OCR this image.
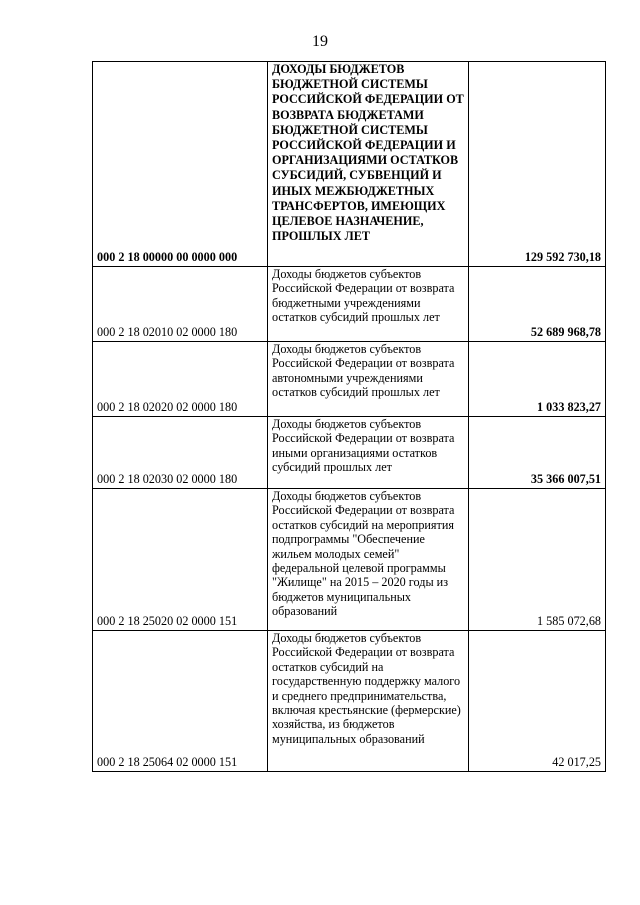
19
000 2 18 00000 00 0000 000	ДОХОДЫ БЮДЖЕТОВ БЮДЖЕТНОЙ СИСТЕМЫ РОССИЙСКОЙ ФЕДЕРАЦИИ ОТ ВОЗВРАТА БЮДЖЕТАМИ БЮДЖЕТНОЙ СИСТЕМЫ РОССИЙСКОЙ ФЕДЕРАЦИИ И ОРГАНИЗАЦИЯМИ ОСТАТКОВ СУБСИДИЙ, СУБВЕНЦИЙ И ИНЫХ МЕЖБЮДЖЕТНЫХ ТРАНСФЕРТОВ, ИМЕЮЩИХ ЦЕЛЕВОЕ НАЗНАЧЕНИЕ, ПРОШЛЫХ ЛЕТ	129 592 730,18
000 2 18 02010 02 0000 180	Доходы бюджетов субъектов Российской Федерации от возврата бюджетными учреждениями остатков субсидий прошлых лет	52 689 968,78
000 2 18 02020 02 0000 180	Доходы бюджетов субъектов Российской Федерации от возврата автономными учреждениями остатков субсидий прошлых лет	1 033 823,27
000 2 18 02030 02 0000 180	Доходы бюджетов субъектов Российской Федерации от возврата иными организациями остатков субсидий прошлых лет	35 366 007,51
000 2 18 25020 02 0000 151	Доходы бюджетов субъектов Российской Федерации от возврата остатков субсидий на мероприятия подпрограммы "Обеспечение жильем молодых семей" федеральной целевой программы "Жилище" на 2015 – 2020 годы из бюджетов муниципальных образований	1 585 072,68
000 2 18 25064 02 0000 151	Доходы бюджетов субъектов Российской Федерации от возврата остатков субсидий на государственную поддержку малого и среднего предпринимательства, включая крестьянские (фермерские) хозяйства, из бюджетов муниципальных образований	42 017,25
